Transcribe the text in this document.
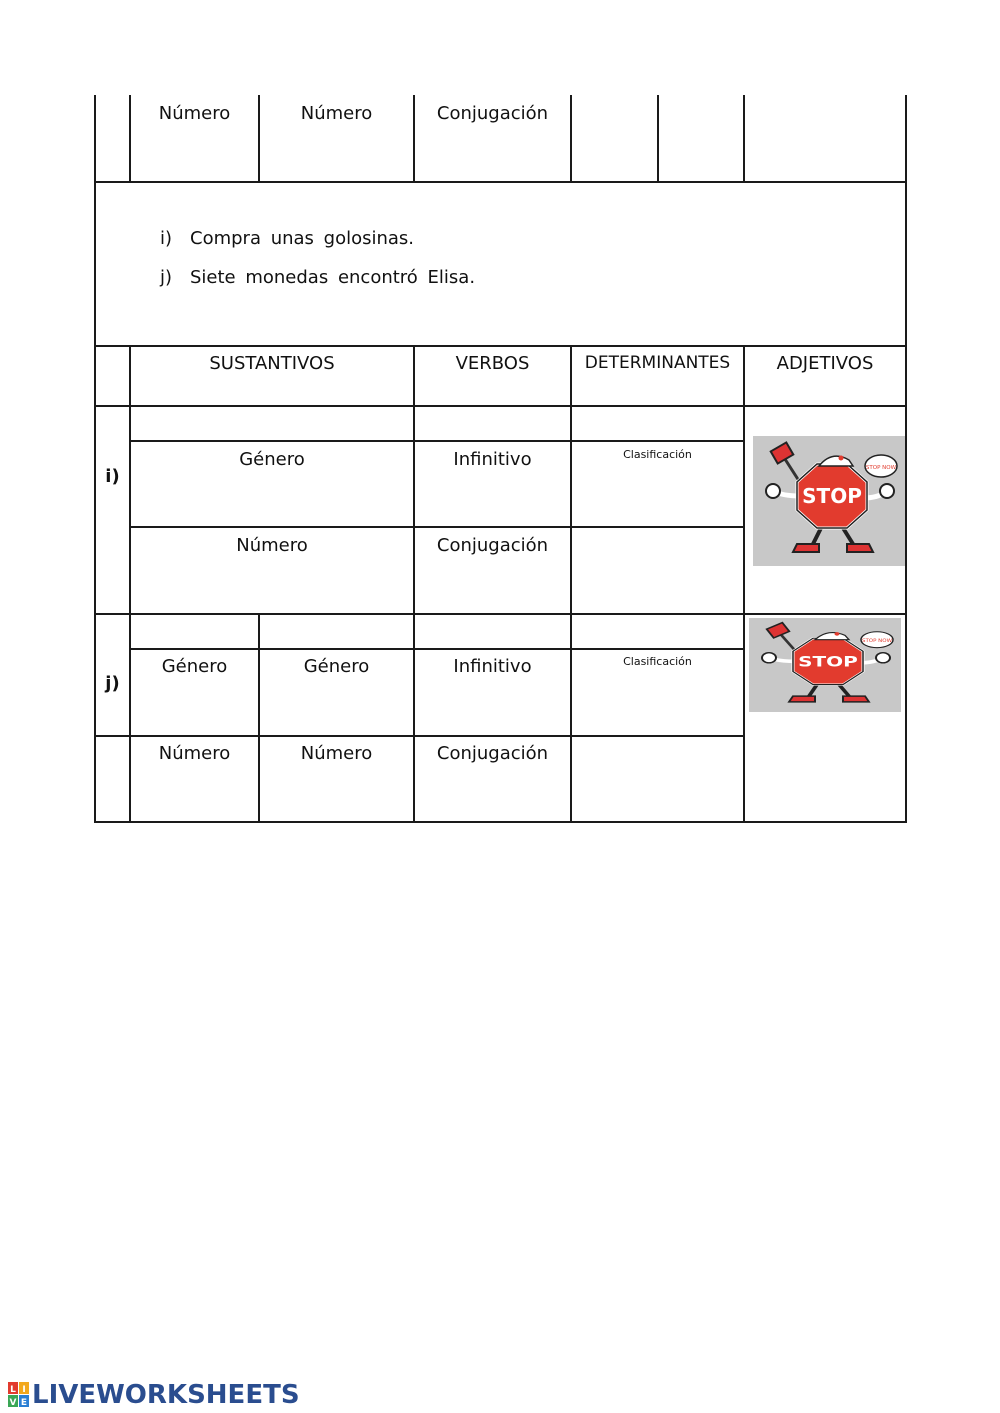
Número	Número	Conjugación
i) Compra unas golosinas.
j) Siete monedas encontró Elisa.
SUSTANTIVOS	VERBOS	DETERMINANTES	ADJETIVOS
i)
Género	Infinitivo	Clasificación
Número	Conjugación
STOP
STOP NOW
j)
Género	Género	Infinitivo	Clasificación
Número	Número	Conjugación
STOP
STOP NOW
L I
V E LIVEWORKSHEETS
